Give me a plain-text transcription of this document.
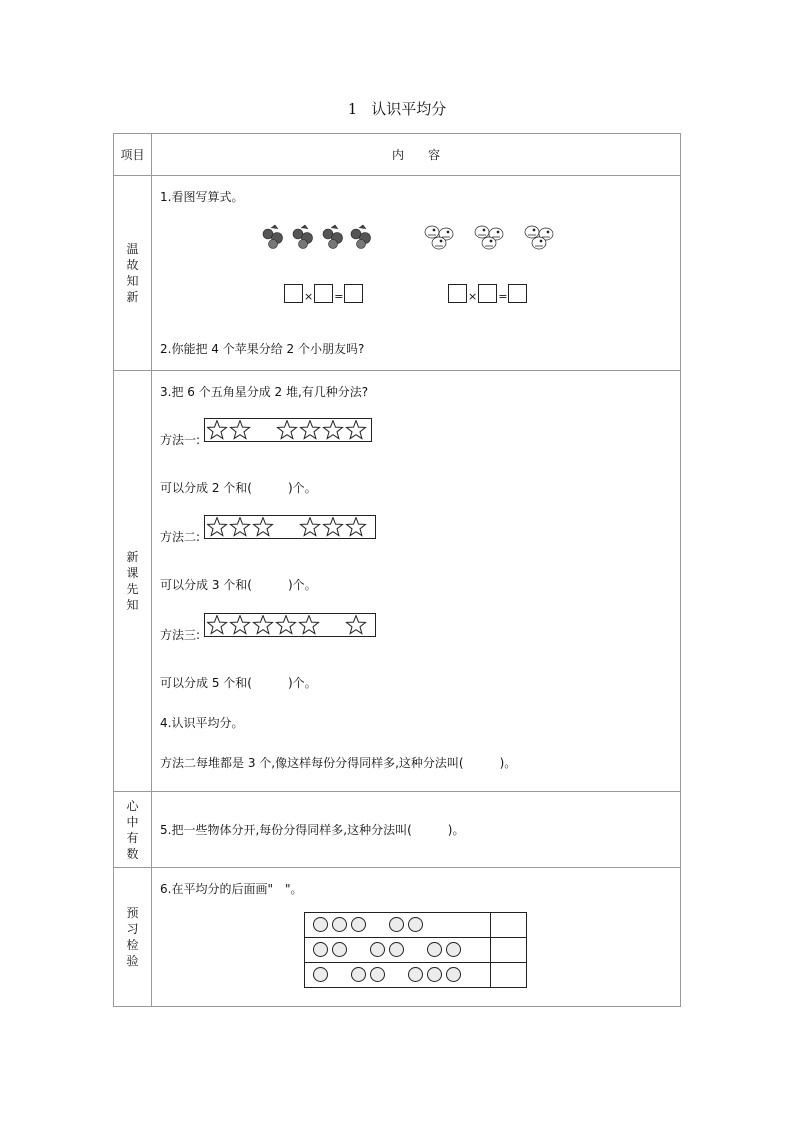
1 认识平均分
项目	内　　容
温故知新	
1.看图写算式。
× =	× =
2.你能把 4 个苹果分给 2 个小朋友吗?

新课先知	
3.把 6 个五角星分成 2 堆,有几种分法?
方法一:
可以分成 2 个和(　　　)个。
方法二:
可以分成 3 个和(　　　)个。
方法三:
可以分成 5 个和(　　　)个。
4.认识平均分。
方法二每堆都是 3 个,像这样每份分得同样多,这种分法叫(　　　)。

心中有数	
5.把一些物体分开,每份分得同样多,这种分法叫(　　　)。

预习检验	
6.在平均分的后面画"　"。
